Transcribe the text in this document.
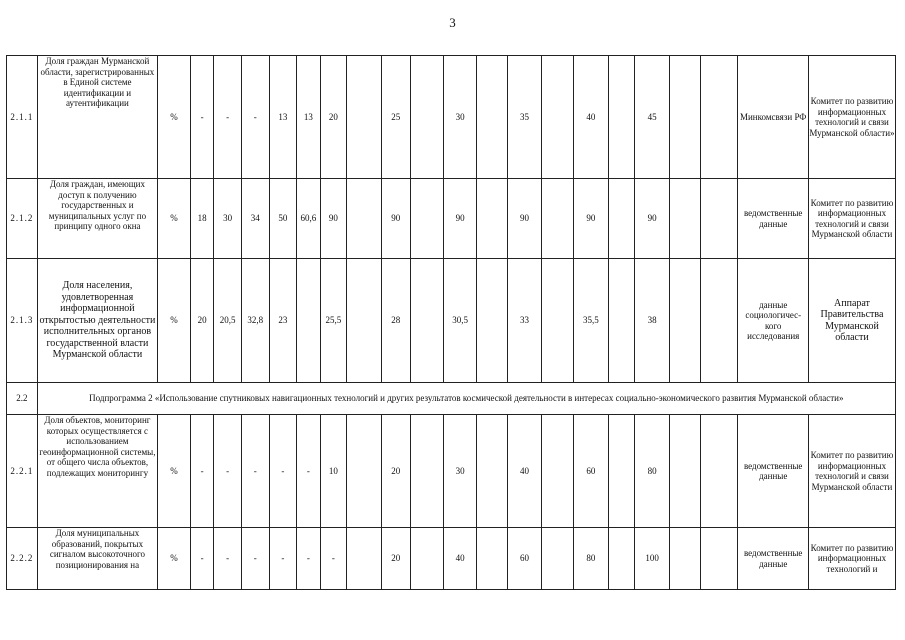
3
2.1.1	Доля граждан Мурманской области, зарегистрированных в Единой системе идентификации и аутентификации	%	-	-	-	13	13	20		25		30		35		40		45			Минкомсвязи РФ	Комитет по развитию информационных технологий и связи Мурманской области»
2.1.2	Доля граждан, имеющих доступ к получению государственных и муниципальных услуг по принципу одного окна	%	18	30	34	50	60,6	90		90		90		90		90		90			ведомственные данные	Комитет по развитию информационных технологий и связи Мурманской области
2.1.3	Доля населения, удовлетворенная информационной открытостью деятельности исполнительных органов государственной власти Мурманской области	%	20	20,5	32,8	23		25,5		28		30,5		33		35,5		38			данные социологичес-кого исследования	Аппарат Правительства Мурманской области
2.2	Подпрограмма 2 «Использование спутниковых навигационных технологий и других результатов космической деятельности в интересах социально-экономического развития Мурманской области»																					
2.2.1	Доля объектов, мониторинг которых осуществляется с использованием геоинформационной системы, от общего числа объектов, подлежащих мониторингу	%	-	-	-	-	-	10		20		30		40		60		80			ведомственные данные	Комитет по развитию информационных технологий и связи Мурманской области
2.2.2	Доля муниципальных образований, покрытых сигналом высокоточного позиционирования на	%	-	-	-	-	-	-		20		40		60		80		100			ведомственные данные	Комитет по развитию информационных технологий и
